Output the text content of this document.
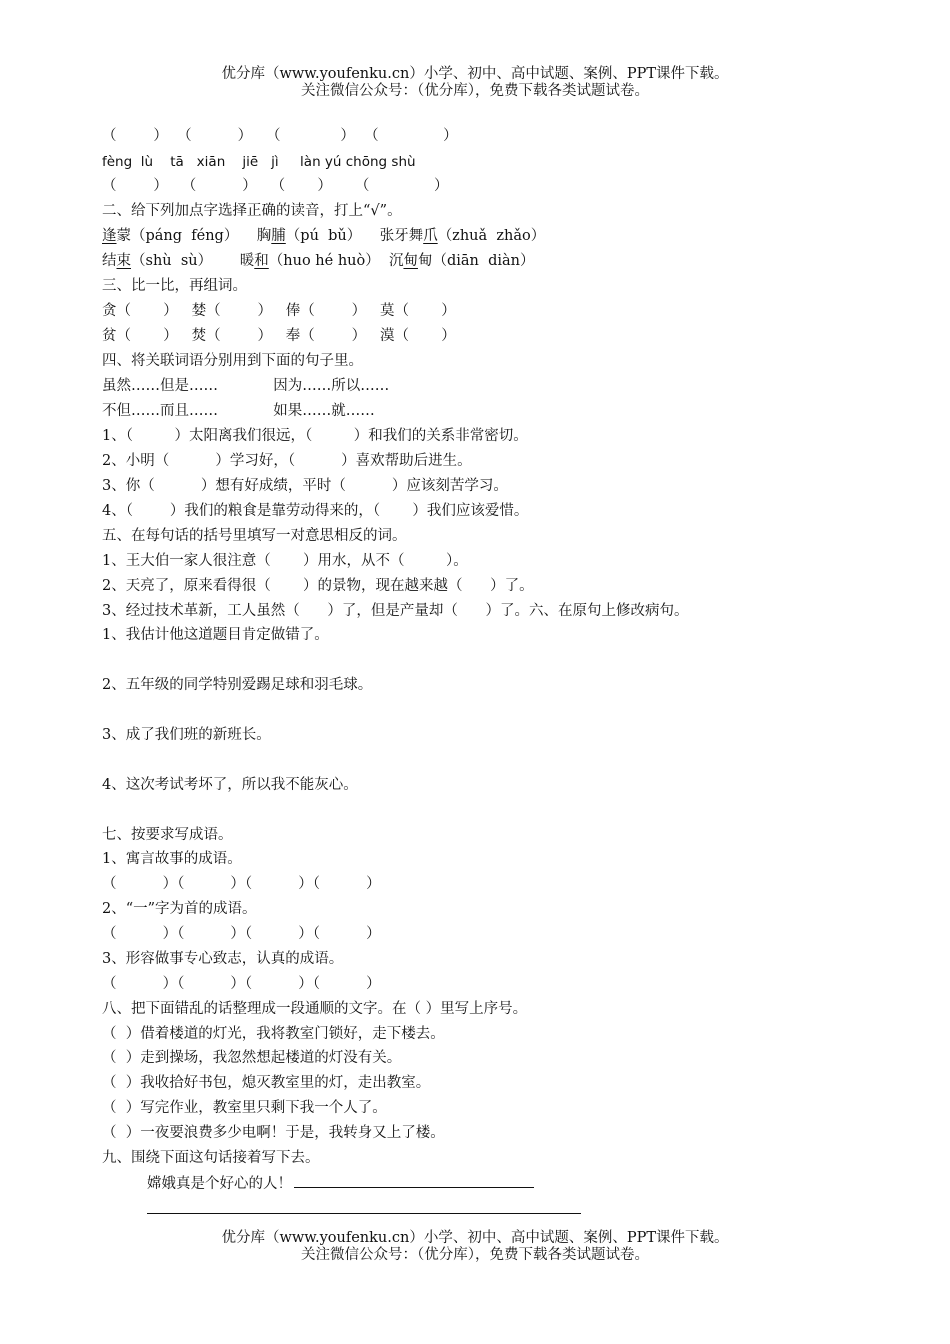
优分库（www.youfenku.cn）小学、初中、高中试题、案例、PPT课件下载。
关注微信公众号：（优分库），免费下载各类试题试卷。
（        ）  （          ）   （             ）  （              ）
fèng  lù    tā   xiān    jiē   jì     làn yú chōng shù
（        ）   （          ）   （       ）     （              ）
二、给下列加点字选择正确的读音，打上“√”。
逢蒙（páng  féng） 胸脯（pú  bǔ） 张牙舞爪（zhuǎ  zhǎo）
结束（shù  sù） 暖和（huo hé huò） 沉甸甸（diān  diàn）
三、比一比，再组词。
贪（       ）   婪（        ）   俸（        ）   莫（       ）
贫（       ）   焚（        ）   奉（        ）   漠（       ）
四、将关联词语分别用到下面的句子里。
虽然……但是……            因为……所以……
不但……而且……            如果……就……
1、（         ）太阳离我们很远，（         ）和我们的关系非常密切。
2、小明（          ）学习好，（          ）喜欢帮助后进生。
3、你（          ）想有好成绩，平时（          ）应该刻苦学习。
4、（        ）我们的粮食是靠劳动得来的，（       ）我们应该爱惜。
五、在每句话的括号里填写一对意思相反的词。
1、王大伯一家人很注意（       ）用水，从不（         ）。
2、天亮了，原来看得很（       ）的景物，现在越来越（      ）了。
3、经过技术革新，工人虽然（      ）了，但是产量却（      ）了。六、在原句上修改病句。
1、我估计他这道题目肯定做错了。
2、五年级的同学特别爱踢足球和羽毛球。
3、成了我们班的新班长。
4、这次考试考坏了，所以我不能灰心。
七、按要求写成语。
1、寓言故事的成语。
（          ）（          ）（          ）（          ）
2、“一”字为首的成语。
（          ）（          ）（          ）（          ）
3、形容做事专心致志，认真的成语。
（          ）（          ）（          ）（          ）
八、把下面错乱的话整理成一段通顺的文字。在（ ）里写上序号。
（  ）借着楼道的灯光，我将教室门锁好，走下楼去。
（  ）走到操场，我忽然想起楼道的灯没有关。
（  ）我收拾好书包，熄灭教室里的灯，走出教室。
（  ）写完作业，教室里只剩下我一个人了。
（  ）一夜要浪费多少电啊！于是，我转身又上了楼。
九、围绕下面这句话接着写下去。
嫦娥真是个好心的人！
优分库（www.youfenku.cn）小学、初中、高中试题、案例、PPT课件下载。
关注微信公众号：（优分库），免费下载各类试题试卷。
